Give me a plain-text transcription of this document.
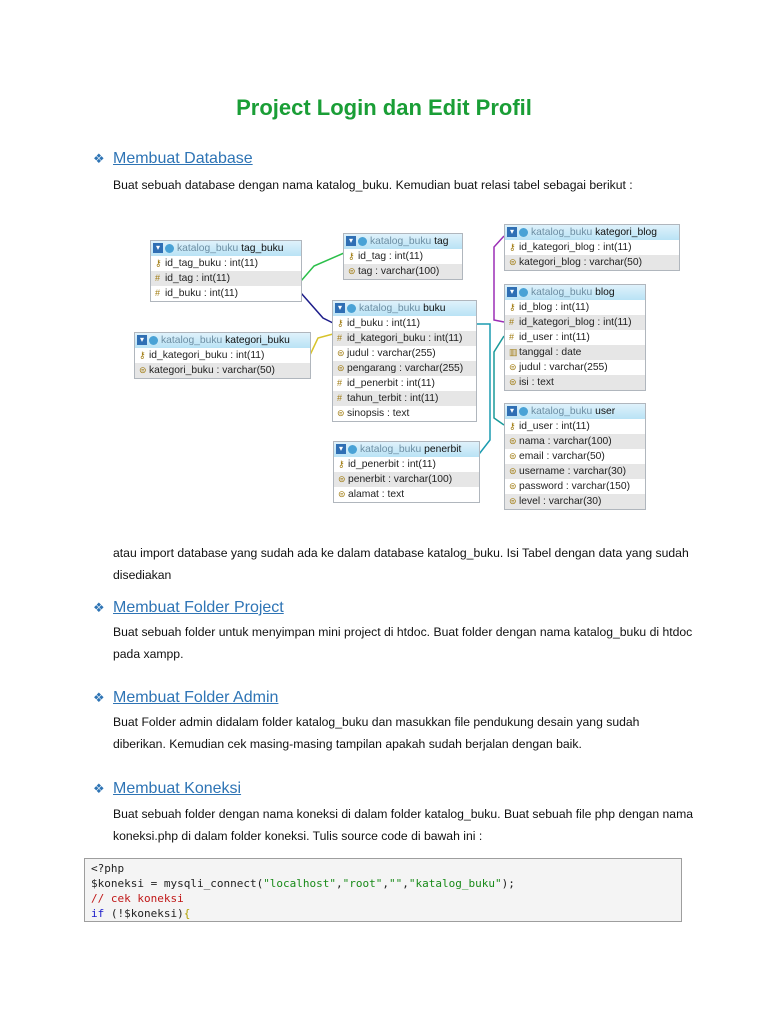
Project Login dan Edit Profil
❖ Membuat Database
Buat sebuah database dengan nama katalog_buku. Kemudian buat relasi tabel sebagai berikut :
▾ katalog_buku tag_buku
⚷ id_tag_buku : int(11)
# id_tag : int(11)
# id_buku : int(11)
▾ katalog_buku tag
⚷ id_tag : int(11)
⊜ tag : varchar(100)
▾ katalog_buku kategori_blog
⚷ id_kategori_blog : int(11)
⊜ kategori_blog : varchar(50)
▾ katalog_buku kategori_buku
⚷ id_kategori_buku : int(11)
⊜ kategori_buku : varchar(50)
▾ katalog_buku buku
⚷ id_buku : int(11)
# id_kategori_buku : int(11)
⊜ judul : varchar(255)
⊜ pengarang : varchar(255)
# id_penerbit : int(11)
# tahun_terbit : int(11)
⊜ sinopsis : text
▾ katalog_buku blog
⚷ id_blog : int(11)
# id_kategori_blog : int(11)
# id_user : int(11)
▥tanggal : date
⊜ judul : varchar(255)
⊜ isi : text
▾ katalog_buku penerbit
⚷ id_penerbit : int(11)
⊜ penerbit : varchar(100)
⊜ alamat : text
▾ katalog_buku user
⚷ id_user : int(11)
⊜ nama : varchar(100)
⊜ email : varchar(50)
⊜ username : varchar(30)
⊜ password : varchar(150)
⊜ level : varchar(30)
atau import database yang sudah ada ke dalam database katalog_buku. Isi Tabel dengan data yang sudah disediakan
❖ Membuat Folder Project
Buat sebuah folder untuk menyimpan mini project di htdoc. Buat folder dengan nama katalog_buku di htdoc pada xampp.
❖ Membuat Folder Admin
Buat Folder admin didalam folder katalog_buku dan masukkan file pendukung desain yang sudah diberikan. Kemudian cek masing-masing tampilan apakah sudah berjalan dengan baik.
❖ Membuat Koneksi
Buat sebuah folder dengan nama koneksi di dalam folder katalog_buku. Buat sebuah file php dengan nama koneksi.php di dalam folder koneksi. Tulis source code di bawah ini :
<?php
$koneksi = mysqli_connect("localhost","root","","katalog_buku");
// cek koneksi
if (!$koneksi){
